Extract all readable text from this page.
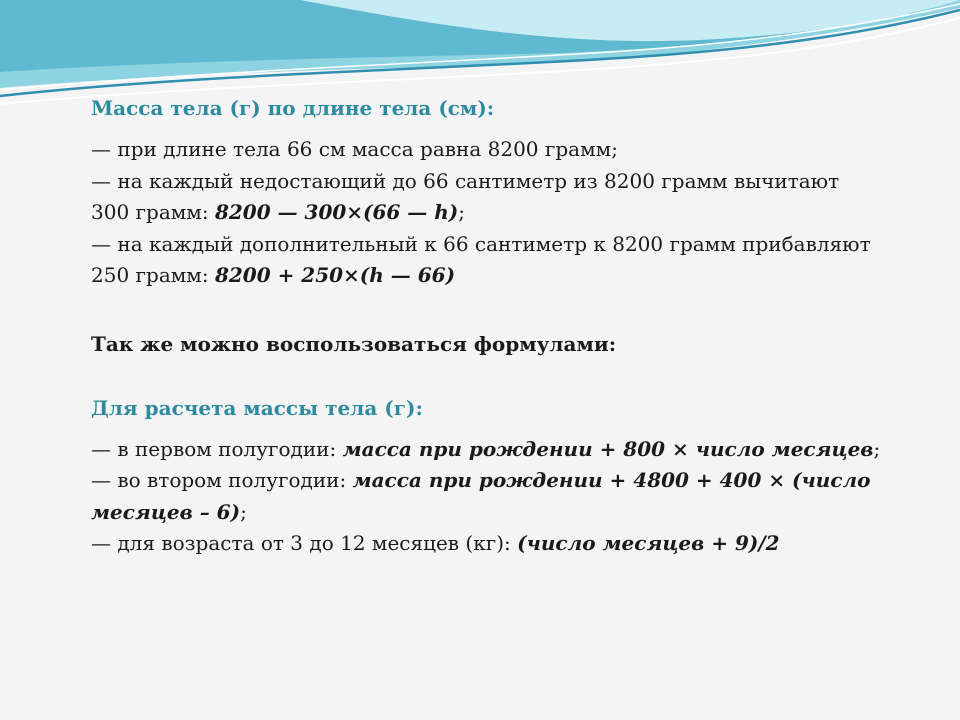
Масса тела (г) по длине тела (см):
— при длине тела 66 см масса равна 8200 грамм;
— на каждый недостающий до 66 сантиметр из 8200 грамм вычитают 300 грамм: 8200 — 300×(66 — h);
— на каждый дополнительный к 66 сантиметр к 8200 грамм прибавляют 250 грамм: 8200 + 250×(h — 66)
Так же можно воспользоваться формулами:
Для расчета массы тела (г):
— в первом полугодии: масса при рождении + 800 × число месяцев;
— во втором полугодии: масса при рождении + 4800 + 400 × (число месяцев – 6);
— для возраста от 3 до 12 месяцев (кг): (число месяцев + 9)/2
